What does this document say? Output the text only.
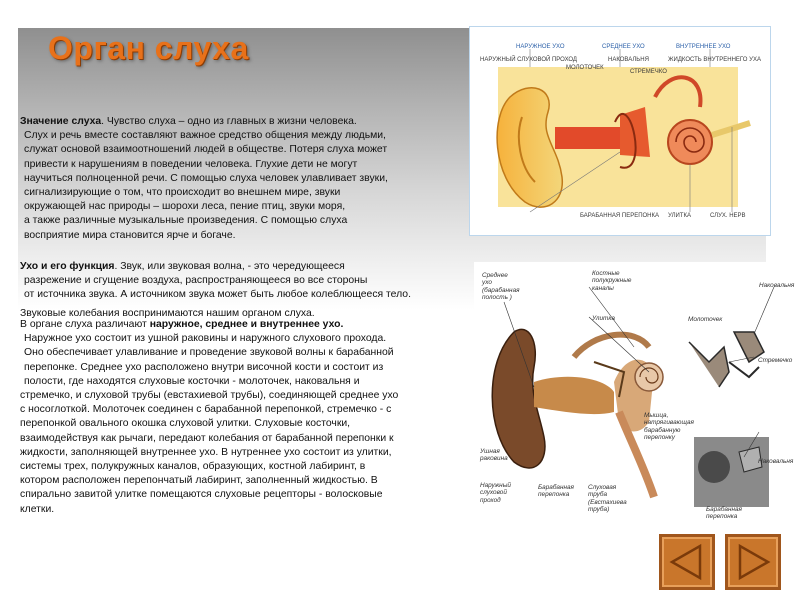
Орган слуха
Значение слуха. Чувство слуха – одно из главных в жизни человека.
Слух и речь вместе составляют важное средство общения между людьми,
служат основой взаимоотношений людей в обществе. Потеря слуха может
привести к нарушениям в поведении человека. Глухие дети не могут
научиться полноценной речи. С помощью слуха человек улавливает звуки,
сигнализирующие о том, что происходит во внешнем мире, звуки
окружающей нас природы – шорохи леса, пение птиц, звуки моря,
а также различные музыкальные произведения. С помощью слуха
восприятие мира становится ярче и богаче.
Ухо и его функция. Звук, или звуковая волна, - это чередующееся
разрежение и сгущение воздуха, распространяющееся во все стороны
от источника звука. А источником звука может быть любое колеблющееся тело.
Звуковые колебания воспринимаются нашим органом слуха.
В органе слуха различают наружное, среднее и внутреннее ухо.
Наружное ухо состоит из ушной раковины и наружного слухового прохода.
Оно обеспечивает улавливание и проведение звуковой волны к барабанной
перепонке. Среднее ухо расположено внутри височной кости и состоит из
полости, где находятся слуховые косточки - молоточек, наковальня и
стремечко, и слуховой трубы (евстахиевой трубы), соединяющей среднее ухо
с носоглоткой. Молоточек соединен с барабанной перепонкой, стремечко - с
перепонкой овального окошка слуховой улитки. Слуховые косточки,
взаимодействуя как рычаги, передают колебания от барабанной перепонки к
жидкости, заполняющей внутреннее ухо. В нутреннее ухо состоит из улитки,
системы трех, полукружных каналов, образующих, костной лабиринт, в
котором расположен перепончатый лабиринт, заполненный жидкостью. В
спирально завитой улитке помещаются слуховые рецепторы - волосковые
клетки.
НАРУЖНОЕ УХО	СРЕДНЕЕ УХО	ВНУТРЕННЕЕ УХО
НАРУЖНЫЙ СЛУХОВОЙ ПРОХОД
МОЛОТОЧЕК
НАКОВАЛЬНЯ	ЖИДКОСТЬ ВНУТРЕННЕГО УХА
СТРЕМЕЧКО
БАРАБАННАЯ ПЕРЕПОНКА УЛИТКА	СЛУХ. НЕРВ
Среднее
ухо
(барабанная
полость )
Костные
полукружные
каналы
Улитка	Молоточек
Наковальня
Стремечко
Ушная
раковина
Мышца,
натрягивающая
барабанную
перепонку
Наковальня
Наружный
слуховой
проход
Барабанная
перепонка
Слуховая
труба
(Евстахиева
труба)	Барабанная
перепонка
